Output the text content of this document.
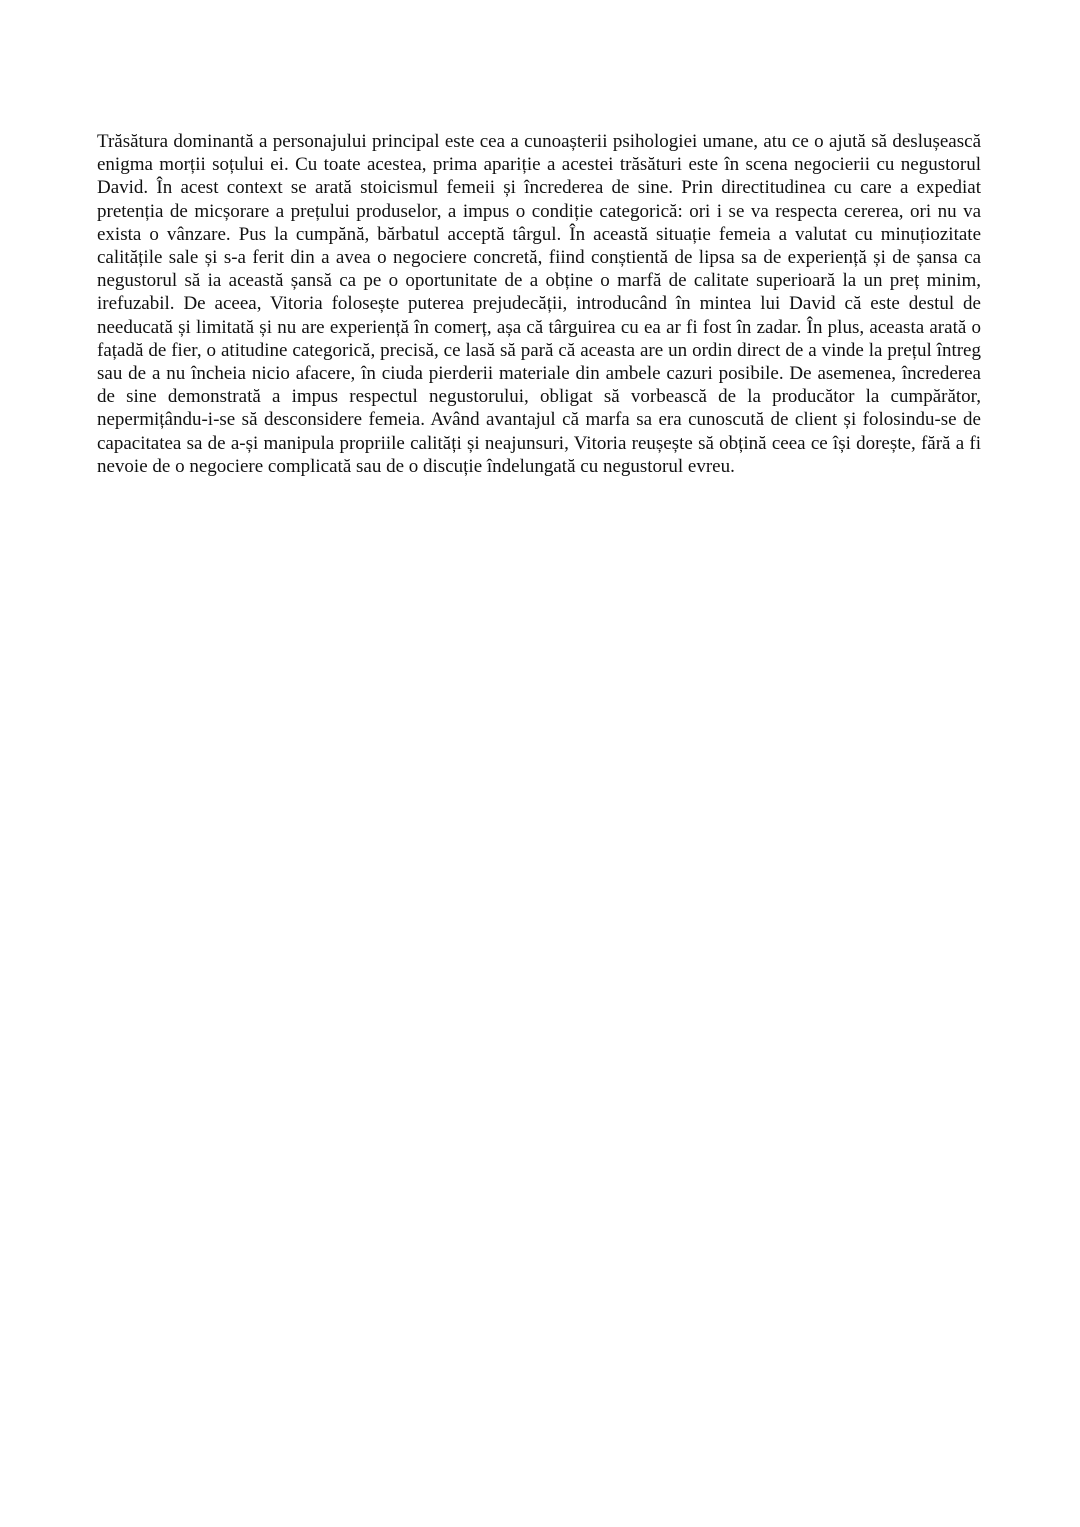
Trăsătura dominantă a personajului principal este cea a cunoașterii psihologiei umane, atu ce o ajută să deslușească enigma morții soțului ei. Cu toate acestea, prima apariție a acestei trăsături este în scena negocierii cu negustorul David. În acest context se arată stoicismul femeii și încrederea de sine. Prin directitudinea cu care a expediat pretenția de micșorare a prețului produselor, a impus o condiție categorică: ori i se va respecta cererea, ori nu va exista o vânzare. Pus la cumpănă, bărbatul acceptă târgul. În această situație femeia a valutat cu minuțiozitate calitățile sale și s-a ferit din a avea o negociere concretă, fiind conștientă de lipsa sa de experiență și de șansa ca negustorul să ia această șansă ca pe o oportunitate de a obține o marfă de calitate superioară la un preț minim, irefuzabil. De aceea, Vitoria folosește puterea prejudecății, introducând în mintea lui David că este destul de needucată și limitată și nu are experiență în comerț, așa că târguirea cu ea ar fi fost în zadar. În plus, aceasta arată o fațadă de fier, o atitudine categorică, precisă, ce lasă să pară că aceasta are un ordin direct de a vinde la prețul întreg sau de a nu încheia nicio afacere, în ciuda pierderii materiale din ambele cazuri posibile. De asemenea, încrederea de sine demonstrată a impus respectul negustorului, obligat să vorbească de la producător la cumpărător, nepermițându-i-se să desconsidere femeia. Având avantajul că marfa sa era cunoscută de client și folosindu-se de capacitatea sa de a-și manipula propriile calități și neajunsuri, Vitoria reușește să obțină ceea ce își dorește, fără a fi nevoie de o negociere complicată sau de o discuție îndelungată cu negustorul evreu.
